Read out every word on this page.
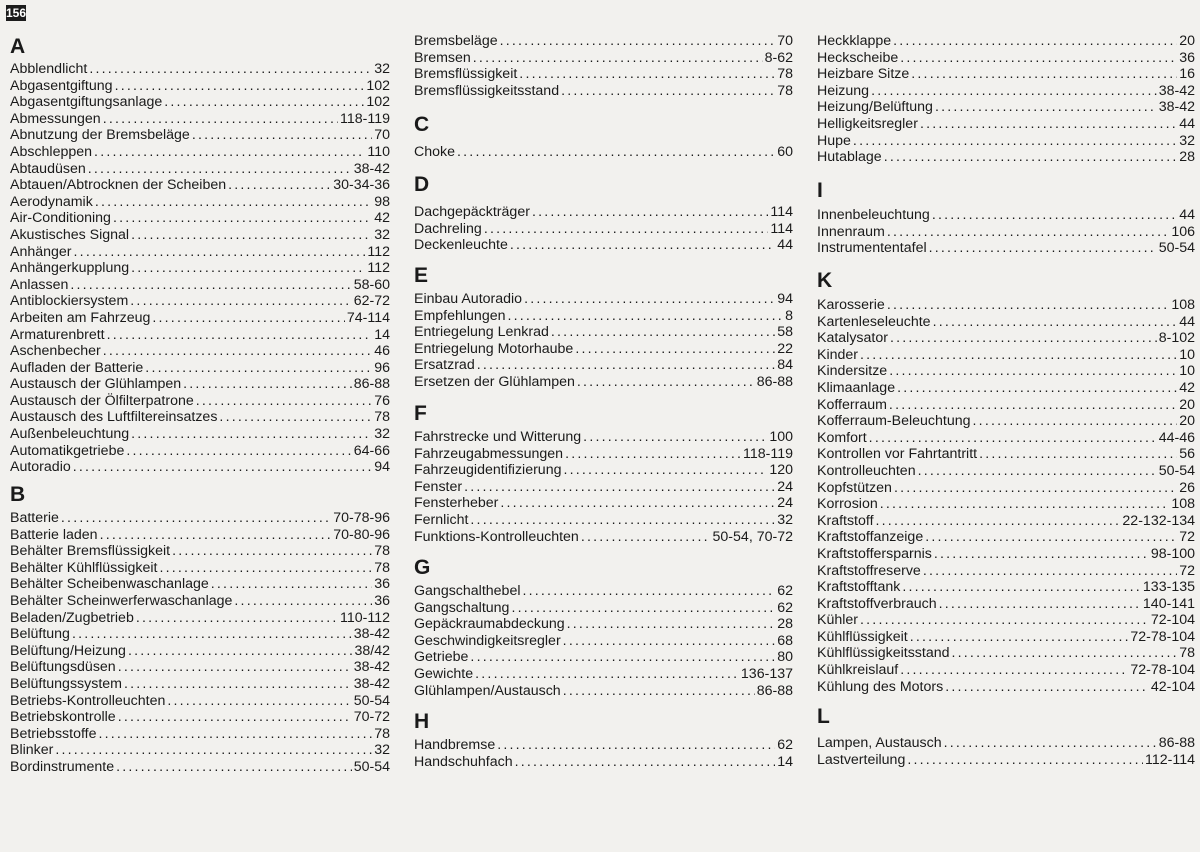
156
A
Abblendlicht .....	32
Abgasentgiftung .....	102
Abgasentgiftungsanlage .....	102
Abmessungen .....	118-119
Abnutzung der Bremsbeläge .....	70
Abschleppen .....	110
Abtaudüsen .....	38-42
Abtauen/Abtrocknen der Scheiben .....	30-34-36
Aerodynamik .....	98
Air-Conditioning .....	42
Akustisches Signal .....	32
Anhänger .....	112
Anhängerkupplung .....	112
Anlassen .....	58-60
Antiblockiersystem .....	62-72
Arbeiten am Fahrzeug .....	74-114
Armaturenbrett .....	14
Aschenbecher .....	46
Aufladen der Batterie .....	96
Austausch der Glühlampen .....	86-88
Austausch der Ölfilterpatrone .....	76
Austausch des Luftfiltereinsatzes .....	78
Außenbeleuchtung .....	32
Automatikgetriebe .....	64-66
Autoradio .....	94
B
Batterie .....	70-78-96
Batterie laden .....	70-80-96
Behälter Bremsflüssigkeit .....	78
Behälter Kühlflüssigkeit .....	78
Behälter Scheibenwaschanlage .....	36
Behälter Scheinwerferwaschanlage .....	36
Beladen/Zugbetrieb .....	110-112
Belüftung .....	38-42
Belüftung/Heizung .....	38/42
Belüftungsdüsen .....	38-42
Belüftungssystem .....	38-42
Betriebs-Kontrolleuchten .....	50-54
Betriebskontrolle .....	70-72
Betriebsstoffe .....	78
Blinker .....	32
Bordinstrumente .....	50-54
Bremsbeläge .....	70
Bremsen .....	8-62
Bremsflüssigkeit .....	78
Bremsflüssigkeitsstand .....	78
C
Choke .....	60
D
Dachgepäckträger .....	114
Dachreling .....	114
Deckenleuchte .....	44
E
Einbau Autoradio .....	94
Empfehlungen .....	8
Entriegelung Lenkrad .....	58
Entriegelung Motorhaube .....	22
Ersatzrad .....	84
Ersetzen der Glühlampen .....	86-88
F
Fahrstrecke und Witterung .....	100
Fahrzeugabmessungen .....	118-119
Fahrzeugidentifizierung .....	120
Fenster .....	24
Fensterheber .....	24
Fernlicht .....	32
Funktions-Kontrolleuchten .....	50-54, 70-72
G
Gangschalthebel .....	62
Gangschaltung .....	62
Gepäckraumabdeckung .....	28
Geschwindigkeitsregler .....	68
Getriebe .....	80
Gewichte .....	136-137
Glühlampen/Austausch .....	86-88
H
Handbremse .....	62
Handschuhfach .....	14
Heckklappe .....	20
Heckscheibe .....	36
Heizbare Sitze .....	16
Heizung .....	38-42
Heizung/Belüftung .....	38-42
Helligkeitsregler .....	44
Hupe .....	32
Hutablage .....	28
I
Innenbeleuchtung .....	44
Innenraum .....	106
Instrumententafel .....	50-54
K
Karosserie .....	108
Kartenleseleuchte .....	44
Katalysator .....	8-102
Kinder .....	10
Kindersitze .....	10
Klimaanlage .....	42
Kofferraum .....	20
Kofferraum-Beleuchtung .....	20
Komfort .....	44-46
Kontrollen vor Fahrtantritt .....	56
Kontrolleuchten .....	50-54
Kopfstützen .....	26
Korrosion .....	108
Kraftstoff .....	22-132-134
Kraftstoffanzeige .....	72
Kraftstoffersparnis .....	98-100
Kraftstoffreserve .....	72
Kraftstofftank .....	133-135
Kraftstoffverbrauch .....	140-141
Kühler .....	72-104
Kühlflüssigkeit .....	72-78-104
Kühlflüssigkeitsstand .....	78
Kühlkreislauf .....	72-78-104
Kühlung des Motors .....	42-104
L
Lampen, Austausch .....	86-88
Lastverteilung .....	112-114
